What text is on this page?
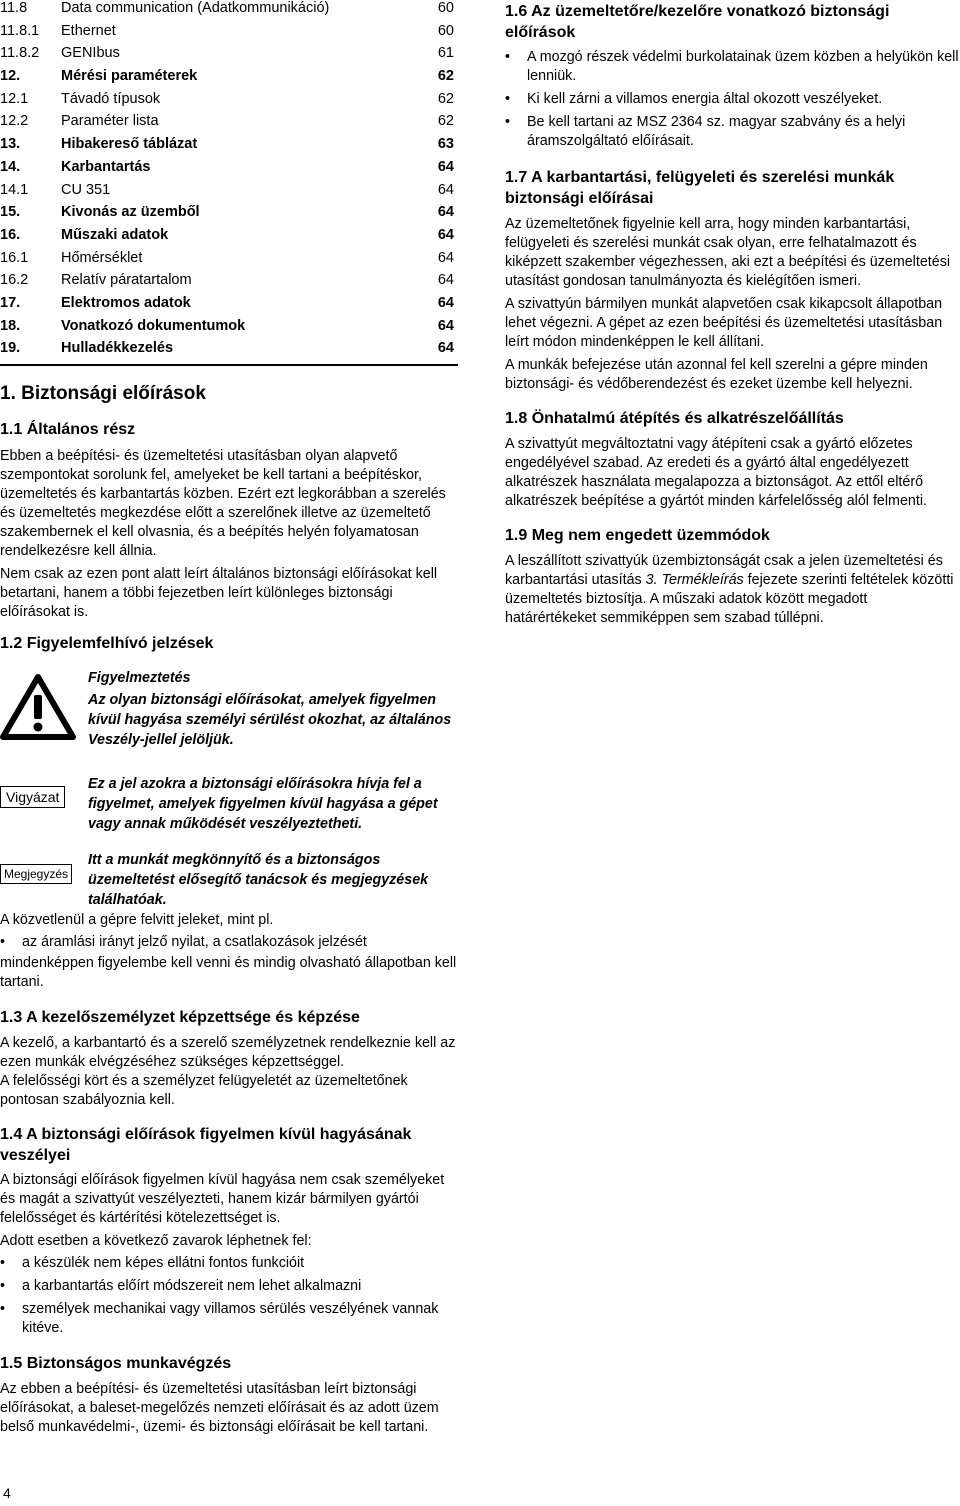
11.8	Data communication (Adatkommunikáció)	60
11.8.1	Ethernet	60
11.8.2	GENIbus	61
12.	Mérési paraméterek	62
12.1	Távadó típusok	62
12.2	Paraméter lista	62
13.	Hibakereső táblázat	63
14.	Karbantartás	64
14.1	CU 351	64
15.	Kivonás az üzemből	64
16.	Műszaki adatok	64
16.1	Hőmérséklet	64
16.2	Relatív páratartalom	64
17.	Elektromos adatok	64
18.	Vonatkozó dokumentumok	64
19.	Hulladékkezelés	64
1. Biztonsági előírások
1.1 Általános rész

Ebben a beépítési- és üzemeltetési utasításban olyan alapvető szempontokat sorolunk fel, amelyeket be kell tartani a beépítéskor, üzemeltetés és karbantartás közben. Ezért ezt legkorábban a szerelés és üzemeltetés megkezdése előtt a szerelőnek illetve az üzemeltető szakembernek el kell olvasnia, és a beépítés helyén folyamatosan rendelkezésre kell állnia.

Nem csak az ezen pont alatt leírt általános biztonsági előírásokat kell betartani, hanem a többi fejezetben leírt különleges biztonsági előírásokat is.

1.2 Figyelemfelhívó jelzések
Figyelmeztetés
Az olyan biztonsági előírásokat, amelyek figyelmen kívül hagyása személyi sérülést okozhat, az általános Veszély-jellel jelöljük.
Vigyázat
Ez a jel azokra a biztonsági előírásokra hívja fel a figyelmet, amelyek figyelmen kívül hagyása a gépet vagy annak működését veszélyeztetheti.
Megjegyzés
Itt a munkát megkönnyítő és a biztonságos üzemeltetést elősegítő tanácsok és megjegyzések találhatóak.

A közvetlenül a gépre felvitt jeleket, mint pl.

• az áramlási irányt jelző nyilat, a csatlakozások jelzését

mindenképpen figyelembe kell venni és mindig olvasható állapotban kell tartani.

1.3 A kezelőszemélyzet képzettsége és képzése

A kezelő, a karbantartó és a szerelő személyzetnek rendelkeznie kell az ezen munkák elvégzéséhez szükséges képzettséggel.

A felelősségi kört és a személyzet felügyeletét az üzemeltetőnek pontosan szabályoznia kell.

1.4 A biztonsági előírások figyelmen kívül hagyásának veszélyei

A biztonsági előírások figyelmen kívül hagyása nem csak személyeket és magát a szivattyút veszélyezteti, hanem kizár bármilyen gyártói felelősséget és kártérítési kötelezettséget is.

Adott esetben a következő zavarok léphetnek fel:

• a készülék nem képes ellátni fontos funkcióit
• a karbantartás előírt módszereit nem lehet alkalmazni
• személyek mechanikai vagy villamos sérülés veszélyének vannak kitéve.
1.5 Biztonságos munkavégzés

Az ebben a beépítési- és üzemeltetési utasításban leírt biztonsági előírásokat, a baleset-megelőzés nemzeti előírásait és az adott üzem belső munkavédelmi-, üzemi- és biztonsági előírásait be kell tartani.

1.6 Az üzemeltetőre/kezelőre vonatkozó biztonsági előírások
• A mozgó részek védelmi burkolatainak üzem közben a helyükön kell lenniük.
• Ki kell zárni a villamos energia által okozott veszélyeket.
• Be kell tartani az MSZ 2364 sz. magyar szabvány és a helyi áramszolgáltató előírásait.
1.7 A karbantartási, felügyeleti és szerelési munkák biztonsági előírásai

Az üzemeltetőnek figyelnie kell arra, hogy minden karbantartási, felügyeleti és szerelési munkát csak olyan, erre felhatalmazott és kiképzett szakember végezhessen, aki ezt a beépítési és üzemeltetési utasítást gondosan tanulmányozta és kielégítően ismeri.

A szivattyún bármilyen munkát alapvetően csak kikapcsolt állapotban lehet végezni. A gépet az ezen beépítési és üzemeltetési utasításban leírt módon mindenképpen le kell állítani.

A munkák befejezése után azonnal fel kell szerelni a gépre minden biztonsági- és védőberendezést és ezeket üzembe kell helyezni.

1.8 Önhatalmú átépítés és alkatrészelőállítás

A szivattyút megváltoztatni vagy átépíteni csak a gyártó előzetes engedélyével szabad. Az eredeti és a gyártó által engedélyezett alkatrészek használata megalapozza a biztonságot. Az ettől eltérő alkatrészek beépítése a gyártót minden kárfelelősség alól felmenti.

1.9 Meg nem engedett üzemmódok

A leszállított szivattyúk üzembiztonságát csak a jelen üzemeltetési és karbantartási utasítás 3. Termékleírás fejezete szerinti feltételek közötti üzemeltetés biztosítja. A műszaki adatok között megadott határértékeket semmiképpen sem szabad túllépni.

4
